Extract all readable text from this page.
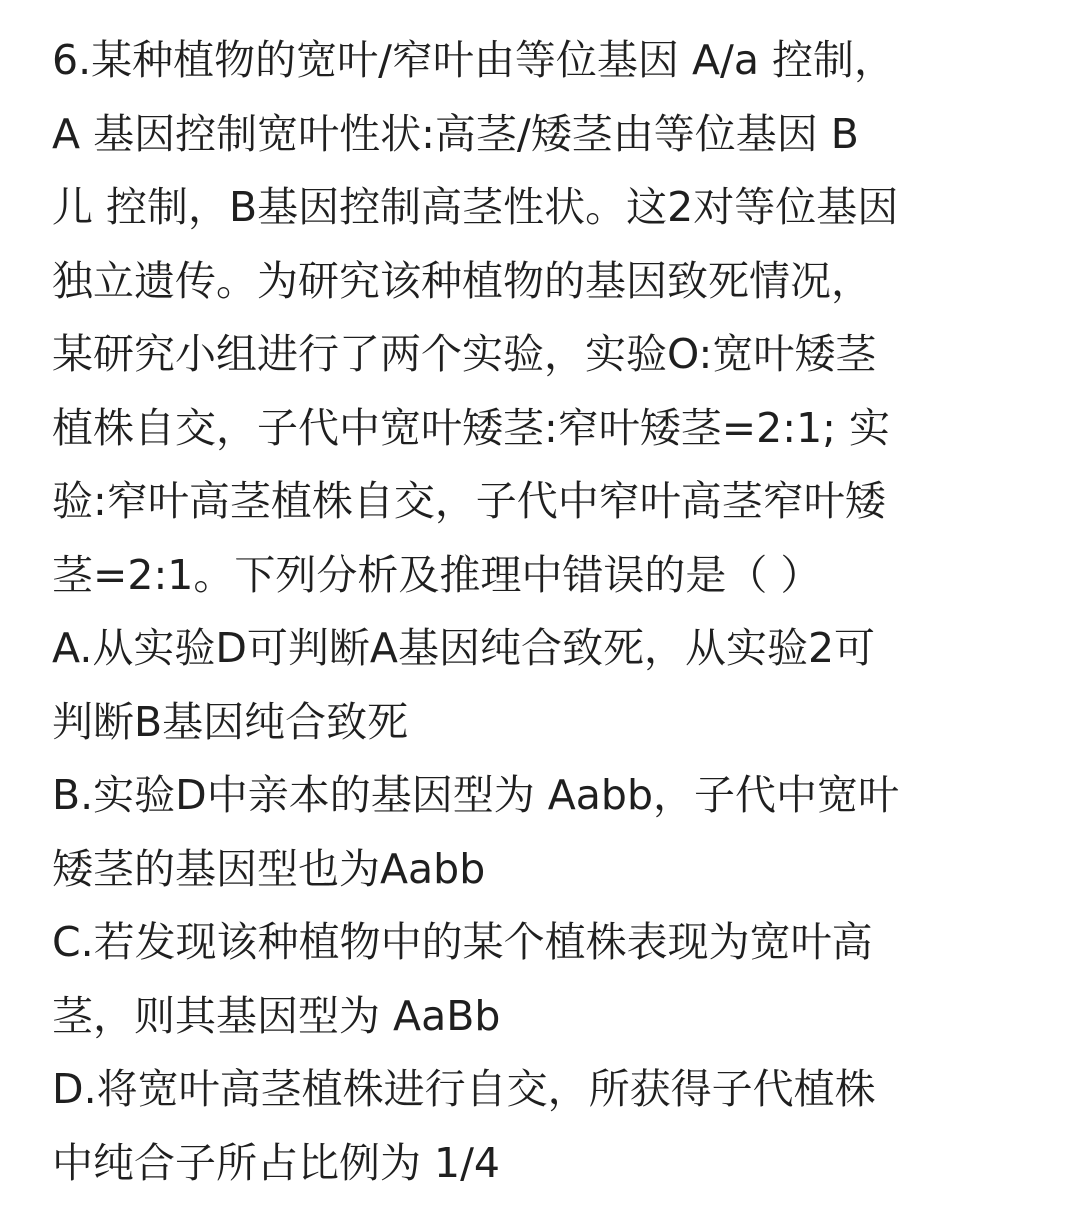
6.某种植物的宽叶/窄叶由等位基因 A/a 控制，
A 基因控制宽叶性状:高茎/矮茎由等位基因 B
儿 控制，B基因控制高茎性状。这2对等位基因
独立遗传。为研究该种植物的基因致死情况，
某研究小组进行了两个实验，实验O:宽叶矮茎
植株自交，子代中宽叶矮茎:窄叶矮茎=2:1; 实
验:窄叶高茎植株自交，子代中窄叶高茎窄叶矮
茎=2:1。下列分析及推理中错误的是（ ）
A.从实验D可判断A基因纯合致死，从实验2可
判断B基因纯合致死
B.实验D中亲本的基因型为 Aabb，子代中宽叶
矮茎的基因型也为Aabb
C.若发现该种植物中的某个植株表现为宽叶高
茎，则其基因型为 AaBb
D.将宽叶高茎植株进行自交，所获得子代植株
中纯合子所占比例为 1/4
